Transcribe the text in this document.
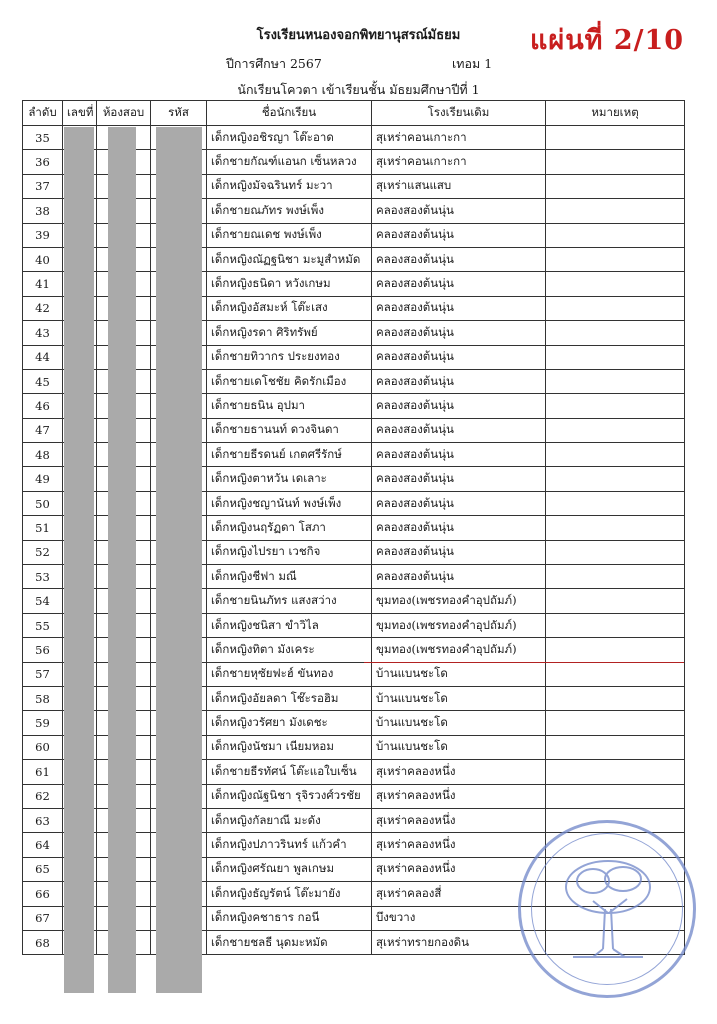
โรงเรียนหนองจอกพิทยานุสรณ์มัธยม
ปีการศึกษา 2567	เทอม 1
นักเรียนโควตา เข้าเรียนชั้น มัธยมศึกษาปีที่ 1
แผ่นที่ 2/10
ลำดับ	เลขที่	ห้องสอบ	รหัส	ชื่อนักเรียน	โรงเรียนเดิม	หมายเหตุ
35				เด็กหญิงอชิรญา โต๊ะอาด	สุเหร่าคอนเกาะกา	
36				เด็กชายกัณฑ์แอนก เซ็นหลวง	สุเหร่าคอนเกาะกา	
37				เด็กหญิงมัจฉรินทร์ มะวา	สุเหร่าแสนแสบ	
38				เด็กชายณภัทร พงษ์เพ็ง	คลองสองต้นนุ่น	
39				เด็กชายณเดช พงษ์เพ็ง	คลองสองต้นนุ่น	
40				เด็กหญิงณัฏฐนิชา มะมูสำหมัด	คลองสองต้นนุ่น	
41				เด็กหญิงธนิดา หวังเกษม	คลองสองต้นนุ่น	
42				เด็กหญิงอัสมะห์ โต๊ะเสง	คลองสองต้นนุ่น	
43				เด็กหญิงรดา ศิริทรัพย์	คลองสองต้นนุ่น	
44				เด็กชายทิวากร ประยงทอง	คลองสองต้นนุ่น	
45				เด็กชายเดโชชัย คิดรักเมือง	คลองสองต้นนุ่น	
46				เด็กชายธนิน อุปมา	คลองสองต้นนุ่น	
47				เด็กชายธานนท์ ดวงจินดา	คลองสองต้นนุ่น	
48				เด็กชายธีรดนย์ เกตศรีรักษ์	คลองสองต้นนุ่น	
49				เด็กหญิงตาหวัน เดเลาะ	คลองสองต้นนุ่น	
50				เด็กหญิงชญานันท์ พงษ์เพ็ง	คลองสองต้นนุ่น	
51				เด็กหญิงนฤรัฏดา โสภา	คลองสองต้นนุ่น	
52				เด็กหญิงไปรยา เวชกิจ	คลองสองต้นนุ่น	
53				เด็กหญิงชีฟา มณี	คลองสองต้นนุ่น	
54				เด็กชายนินภัทร แสงสว่าง	ขุมทอง(เพชรทองคำอุปถัมภ์)	
55				เด็กหญิงชนิสา ขำวิไล	ขุมทอง(เพชรทองคำอุปถัมภ์)	
56				เด็กหญิงทิตา มังเคระ	ขุมทอง(เพชรทองคำอุปถัมภ์)	
57				เด็กชายหุซัยฟะฮ์ ขันทอง	บ้านแบนชะโด	
58				เด็กหญิงอัยลดา โช๊ะรอฮิม	บ้านแบนชะโด	
59				เด็กหญิงวรัศยา มังเดชะ	บ้านแบนชะโด	
60				เด็กหญิงนัชมา เนียมหอม	บ้านแบนชะโด	
61				เด็กชายธีรทัศน์ โต๊ะแอใบเซ็น	สุเหร่าคลองหนึ่ง	
62				เด็กหญิงณัฐนิชา รุจิรวงศ์วรชัย	สุเหร่าคลองหนึ่ง	
63				เด็กหญิงกัลยาณี มะดัง	สุเหร่าคลองหนึ่ง	
64				เด็กหญิงปภาวรินทร์ แก้วคำ	สุเหร่าคลองหนึ่ง	
65				เด็กหญิงศรัณยา พูลเกษม	สุเหร่าคลองหนึ่ง	
66				เด็กหญิงธัญรัตน์ โต๊ะมายัง	สุเหร่าคลองสี่	
67				เด็กหญิงคชาธาร กอนี	บึงขวาง	
68				เด็กชายชลธี นุดมะหมัด	สุเหร่าทรายกองดิน	
